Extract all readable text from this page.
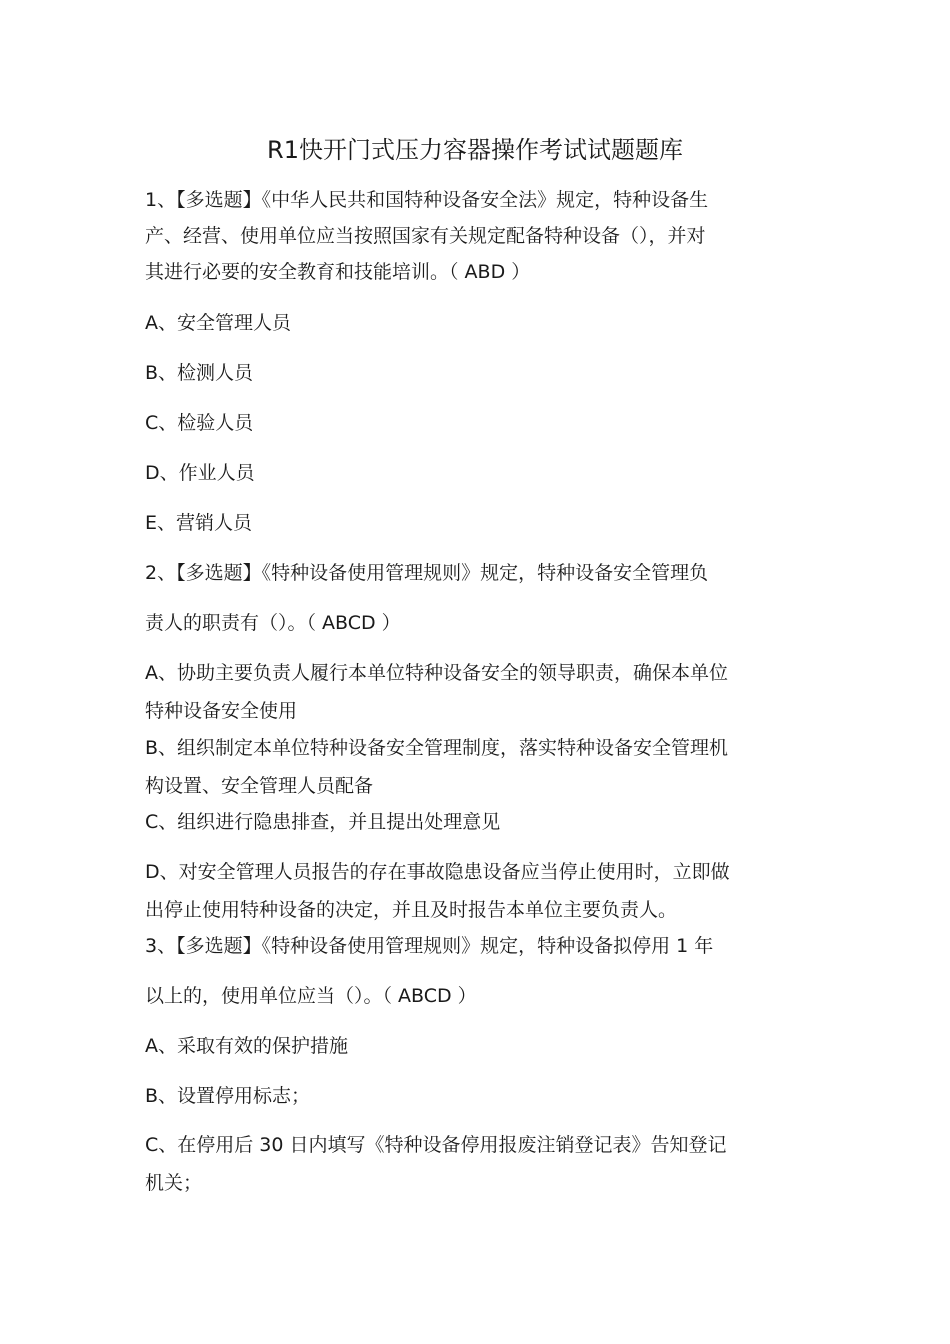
R1快开门式压力容器操作考试试题题库
1、【多选题】《中华人民共和国特种设备安全法》规定，特种设备生
产、经营、使用单位应当按照国家有关规定配备特种设备（），并对
其进行必要的安全教育和技能培训。（ ABD ）
A、安全管理人员
B、检测人员
C、检验人员
D、作业人员
E、营销人员
2、【多选题】《特种设备使用管理规则》规定，特种设备安全管理负
责人的职责有（）。（ ABCD ）
A、协助主要负责人履行本单位特种设备安全的领导职责，确保本单位
特种设备安全使用
B、组织制定本单位特种设备安全管理制度，落实特种设备安全管理机
构设置、安全管理人员配备
C、组织进行隐患排查，并且提出处理意见
D、对安全管理人员报告的存在事故隐患设备应当停止使用时，立即做
出停止使用特种设备的决定，并且及时报告本单位主要负责人。
3、【多选题】《特种设备使用管理规则》规定，特种设备拟停用 1 年
以上的，使用单位应当（）。（ ABCD ）
A、采取有效的保护措施
B、设置停用标志；
C、在停用后 30 日内填写《特种设备停用报废注销登记表》告知登记
机关；
